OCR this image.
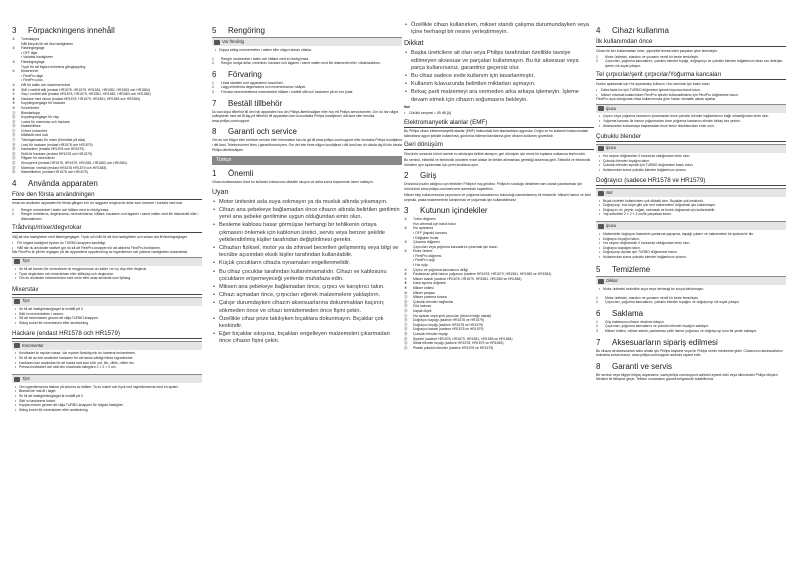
3	Förpackningens innehåll
①	Turbokappa
Håll intryckt för att öka hastigheten
②	Fästringreglage
• OFF läge
• Variabla hastigheter
③	Fästringreglage
Tryck för att frigöra enhetens gångkoppling
④	Motorenhet
• FlexiPro-läge
• FlexiPro plus
⑤	Hål för stativ och stavmixerenhet
⑥	Stål i rostfritt stål (endast HR1578, HR1579, HR1581, HR1582, HR1583 och HR1584)
⑦	Visp i rostfritt stål (endast HR1578, HR1579, HR1581, HR1582, HR1583 och HR1584)
⑧	Hackare med ränna (endast HR1578, HR1579, HR1581, HR1583 och HR1584)
⑨	Kopplingsreglage för hackare
⑩	Knivenheter
⑪	Blandarkopp
⑫	Kopplingsreglage för visp
⑬	Lucka för mixerstav och hackare
⑭	Matbehållare
⑮	Grövre knivenhet
⑯	Måttskål med lock
⑰	Tärningsinsats för mixer (förenklat på sida)
⑱	Lock för hackare (endast HR1578 och HR1579)
⑲	Hackarkniv (endast HR1578 och HR1579)
⑳	Skål för hackare (endast HR1578 och HR1579)
㉑	Pågare för mixerskiver
㉒	Skruvpreni (endast HR1578, HR1579, HR1581, HR1583 och HR1584)
㉓	Mixerklar i metall (endast HR1578 HR1579 och HR1583)
㉔	Mixertillbehör (endast HR1578 och HR1579)
4	Använda apparaten
Före den första användningen

Innan du använder apparaten för första gången bör du noggrant rengöra de delar som kommer i kontakt med mat.

1	Rengör motorenhet i stativ och hållare med en fuktig trasa.
2	Rengör enheterna, degknivarna, mixervinklarna, hållare, hackaren och lagaren i varmt vatten med lite diskmedel eller i diskmaskinen.
Trådvisp/mixer/degvrokar

Välj att öka hastigheten med fästringreglaget. Tryck och håll för att öka hastigheten och sedan dra åt fästringreglaget.

• För högsta hastighet trycker du TURBO-knappen samtidigt.
• Håll när du använder stativet gör du så att FlexiPro-knappen för att aktivera FlexiPro-funktionen.

När FlexiPro är på blir reglagen på din apparatens uppvärmning av ingredienser och justerar hastigheten automatiskt.

Tips
• Se till att barnen för mixerskiven är rengjord innan du sätter i en ny visp eller degkrok.
• Tryck degkroken och mixerskivan eller stålsvisp och degkrokar.
• Om du använder mixerenheten med smör eller ostar används som fyllning.
Mixerstav
Tips
• Se till att hastighetsreglaget är inställt på 0.
• Sätt in mixerenheten i motorn.
• Så att mixerstaven genom att välja TURBO-knappen.
• Stäng locket för mixerstaven efter användning.
Hackare (endast HR1578 och HR1579)
Kommentar
• Knivbladet är mycket vassa. Var mycket försiktig när du hanterar knivenheten.
• Se till att du inte använder hackaren för att hacka väldigt hårda ingredienser.
• Hackaren kan användas för att hacka mat som kött, ost, lök, vitlök, nötter etc.
• Pressa knivbladet och sätt den maximala mängden 2 × 2 × 2 cm.
Tips
• Om ingredienserna fastnar på sidorna av skålen: Ta av locket och tryck ned ingredienserna med en spatel.
• Blanda lite mat åt i taget.
• Se till att hastighetsreglaget är inställt på 0.
• Sätt in hackarens locket.
• Koppla motorn genom att välja TURBO-knappen för högsta hastighet.
• Stäng locket för mixerskiven efter användning.
5	Rengöring
Var försiktig
• Doppa aldrig motorenheten i vatten eller någon annan vätska.
1	Rengör motorenhet i stativ och hållare med en fuktig trasa.
2	Rengör övriga delar, mixerkniv, hackare och lagaren i varmt vatten med lite diskmedel eller i diskmaskinen.
6	Förvaring
1	Linda sladden runt apparatens hosorödel.
2	Lägg enheterna degknivarna och mixervinkarna i skåpet.
3	Förvara mixerenheterna mixerstativet hållare i rostfritt stål och hackaren på en torr plats.
7	Beställ tillbehör

Du kan köpa tillbehör till den här apparaten hos din Philips-återförsäljare eller hos ett Philips servicecenter. Om du har några svårigheter med att få tag på tillbehör till apparaten kan du kontakta Philips kundtjänst i ditt land eller besöka www.philips.com/support.

8	Garanti och service

Om du har frågor eller behöver service eller information kan du gå till www.philips.com/support eller kontakta Philips kundtjänst i ditt land. Telefonnumret finns i garantibroschyren. Om det inte finns någon kundtjänst i ditt land kan du vända dig till din lokala Philips-återförsäljare.

Türkçe
1	Önemli

Cihazı kullanmadan önce bu kullanım kılavuzunu dikkatle okuyun ve daha sonra başvurmak üzere saklayın.

Uyarı
• Motor ünitesini asla suya sokmayın ya da musluk altında yıkamayın.
• Cihazı ana şebekeye bağlamadan önce cihazın altında belirtilen gerilimin yerel ana şebeke gerilimine uygun olduğundan emin olun.
• Besleme kablosu hasar görmüşse herhangi bir tehlikenin ortaya çıkmasını önlemek için kablonun üretici, servis veya benzer şekilde yetkilendirilmiş kişiler tarafından değiştirilmesi gerekir.
• Cihazları fiziksel, motor ya da zihinsel becerileri gelişmemiş veya bilgi ve tecrübe açısından eksik kişiler tarafından kullanılabilir.
• Küçük çocukların cihazla oynamaları engellenmelidir.
• Bu cihaz çocuklar tarafından kullanılmamalıdır. Cihazı ve kablosunu çocukların erişemeyeceği yerlerde muhafaza edin.
• Mikseri ana şebekeye bağlamadan önce, çırpıcı ve karıştırıcı takın.
• Cihazı açmadan önce, çırpıcıları eğerek malzemelere yaklaştırın.
• Çalışır durumdayken cihazın aksesuarlarına dokunmaktan kaçının; sökmeden önce ve cihazı temizlemeden önce fişini çekin.
• Özellikle cihaz prize takılıyken bıçaklara dokunmayın. Bıçaklar çok keskindir.
• Eğer bıçaklar sıkışırsa, bıçakları engelleyen malzemeleri çıkarmadan önce cihazın fişini çekin.
• Özellikle cihazı kullanırken, mikser standı çalışma durumundayken veya içine herhangi bir nesne yerleştirmeyin.
Dikkat
• Başka üreticilere ait olan veya Philips tarafından özellikle tavsiye edilmeyen aksesuar ve parçaları kullanmayın. Bu tür aksesuar veya parça kullanırsanız, garantiniz geçersiz olur.
• Bu cihaz sadece evde kullanım için tasarlanmıştır.
• Kullanım kılavuzunda belirtilen miktarları aşmayın.
• Bırkaç parti malzemeyi ara vermeden arka arkaya işlemeyin. İşleme devam etmek için cihazın soğumasını bekleyin.

Not

• Gürültü seviyesi = 85 dB [A]
Elektromanyetik alanlar (EMF)

Bu Philips cihazı elektromanyetik alanlar (EMF) hakkındaki tüm standartlara uygundur. Doğru ve bu kullanım kılavuzundaki talimatlara uygun şekilde kullanılırsa, günümüz bilimsel kanıtlarına göre cihazın kullanımı güvenlidir.

Geri dönüşüm

Ömrünün sonunda ürünü normal ev atıklarıyla birlikte atmayın; geri dönüşüm için resmi bir toplama noktasına teslim edin.

Bu sembol, elektrikli ve elektronik ürünlerin evsel atıklar ile birlikte atılmaması gerektiği anlamına gelir. Elektrikli ve elektronik ürünlerin ayrı toplanması için yerel kurallara uyun.

2	Giriş

Ürününüzü satın aldığınız için tebrikler! Philips'e hoş geldiniz. Philips'in sunduğu destekten tam olarak yararlanmak için ürününüzü www.philips.com/welcome adresinde kaydettirin.

Mikser ekip kullanımınızda çırpıcıların ve yoğurma kancalarının bulunduğu tamamlanmış bir mikserdir. Mikseri hamur ve keki çırpmak, pasta malzemelerini karıştırmak ve yoğurmak için kullanabilirsiniz.

3	Kutunun içindekiler
①	Turbo düğmesi
Hızı artırmak için basılı tutun
②	Hız ayarlama
• OFF (kapalı) konumu
• Değişken hızlar
③	Çıkarma düğmesi
Çırpıcıları veya yoğurma kancalarını çıkarmak için basın
④	Motor ünitesi
• FlexiPro düğmesi
• FlexiPro ışığı
• Hız ışığı
⑤	Çırpıcı ve yoğurma kancasının deliği
⑥	Paslanmaz çelik hamur yoğurucu (sadece HR1578, HR1579, HR1581, HR1583 ve HR1584)
⑦	Mikser standı (sadece HR1578, HR1579, HR1581, HR1583 ve HR1584)
⑧	Kase ayırma düğmesi
⑨	Mikser ünitesi
⑩	Mikser parçası
⑪	Mikser çıkarma butonu
⑫	Çubuklu blender bağlantısı
⑬	Göz kabının
⑭	Kapak ölçek
⑮	Hız ayarlar veya şerit çırpıcılar (cihazın bağlı olarak)
⑯	Doğrayıcı kapağı (sadece HR1578 ve HR1579)
⑰	Doğrayıcı bıçağı (sadece HR1578 ve HR1579)
⑱	Doğrayıcı kasesi (sadece HR1578 ve HR1579)
⑲	Çubuklu blender bıçağı
⑳	Şişeleri (sadece HR1578, HR1579, HR1581, HR1583 ve HR1584)
㉑	Metal blender bıçağı (sadece HR1578, HR1579 ve HR1583)
㉒	Plastik çubuklu blender (sadece HR1578 ve HR1579)
4	Cihazı kullanma
İlk kullanımdan önce

Cihazı ilk kez kullanmadan önce, yiyecekle temas eden parçaları iyice temizleyin.

1	Motor ünitesini, standını ve yuvasını nemli bir bezle temizleyin.
2	Çırpıcıları, yoğurma kancalarını, çubuklu blender bıçağı, doğrayıcıyı ve çubuklu blender bağlantısını biraz sıvı deterjan içeren ılık suyla yıkayın.
Tel çırpıcılar/şerit çırpıcılar/Yoğurma kancaları

Hızları ayarlamak için Hız ayarlamayı kullanın. Hızı artırmak için basılı tutun.

• Daha fazla hız için TURBO düğmesini işleme boyunca basılı tutun.
• Mikser ortamda kullanılırken FlexiPro işlevini kullanabilirsiniz için FlexiPro düğmesine basın.

FlexiPro açık olduğunda cihaz kullanımınıza göre hızları otomatik olarak ayarlar.

İpucu
• Çırpıcı veya yoğurma kancasını çıkarmadan önce çubuklu blender bağlantısının bağlı olmadığından emin olun.
• Yoğurma kancası ile hamur yoğurmadan önce yoğurma kancasını elinizle birkaç kez çevirin.
• Aksesuarları kullanmaya başlamadan önce temiz olduklarından emin olun.
Çubuklu blender
İpucu
• Hız seçme düğmesinin 0 konumda olduğundan emin olun.
• Çubuklu blender bıçağını takın.
• Çubuklu blender açmak için TURBO düğmesine basılı tutun.
• Kullanımdan sonra çubuklu blender bağlantısını çıkarın.
Doğrayıcı (sadece HR1578 ve HR1579)
Not
• Bıçak üniteleri kullanılırken çok dikkatli olun. Bıçaklar çok keskindir.
• Doğrayıcıyı, buz küpü gibi çok sert malzemeleri doğramak için kullanmayın.
• Doğrayıcı; et, peynir, soğan, sarımsak ve fındık doğramak için kullanılabilir.
• Yaş sebzeleri 2 × 2 × 2 cm'lik parçalara kesin.
İpucu
• Malzemeler doğrayıcı kasesinin yanlarına yapışırsa, kapağı çıkarın ve malzemeleri bir spatula ile itin.
• Doğrayıcı bıçağını takın.
• Hız seçme düğmesinin 0 konumda olduğundan emin olun.
• Doğrayıcı kapağını takın.
• Doğrayıcıyı açmak için TURBO düğmesine basın.
• Kullanımdan sonra çubuklu blender bağlantısını çıkarın.
5	Temizleme
Dikkat
• Motor ünitesini kesinlikle suya veya herhangi bir sıvıya daldırmayın.
1	Motor ünitesini, standını ve yuvasını nemli bir bezle temizleyin.
2	Çırpıcıları, yoğurma kancalarını, çubuklu blender bıçağını ve doğrayıcıyı ılık suyla yıkayın.
6	Saklama
1	Güç kablosunu cihazın etrafına dolayın.
2	Çırpıcıları, yoğurma kancalarını ve çubuklu blender bıçağını saklayın.
3	Mikser ünitesi, mikser standı, paslanmaz çelik hamur yoğurucu ve doğrayıcıyı kuru bir yerde saklayın.
7	Aksesuarların sipariş edilmesi

Bu cihaza ait aksesuarları satın almak için Philips bayisine veya bir Philips servis merkezine gidin. Cihazınızın aksesuarlarını bulmakta zorlanırsanız, www.philips.com/support adresini ziyaret edin.

8	Garanti ve servis

Bir servise veya bilgiye ihtiyaç duyarsanız, www.philips.com/support adresini ziyaret edin veya ülkenizdeki Philips Müşteri Merkezi ile iletişime geçin. Telefon numarasını garanti belgesinde bulabilirsiniz.
